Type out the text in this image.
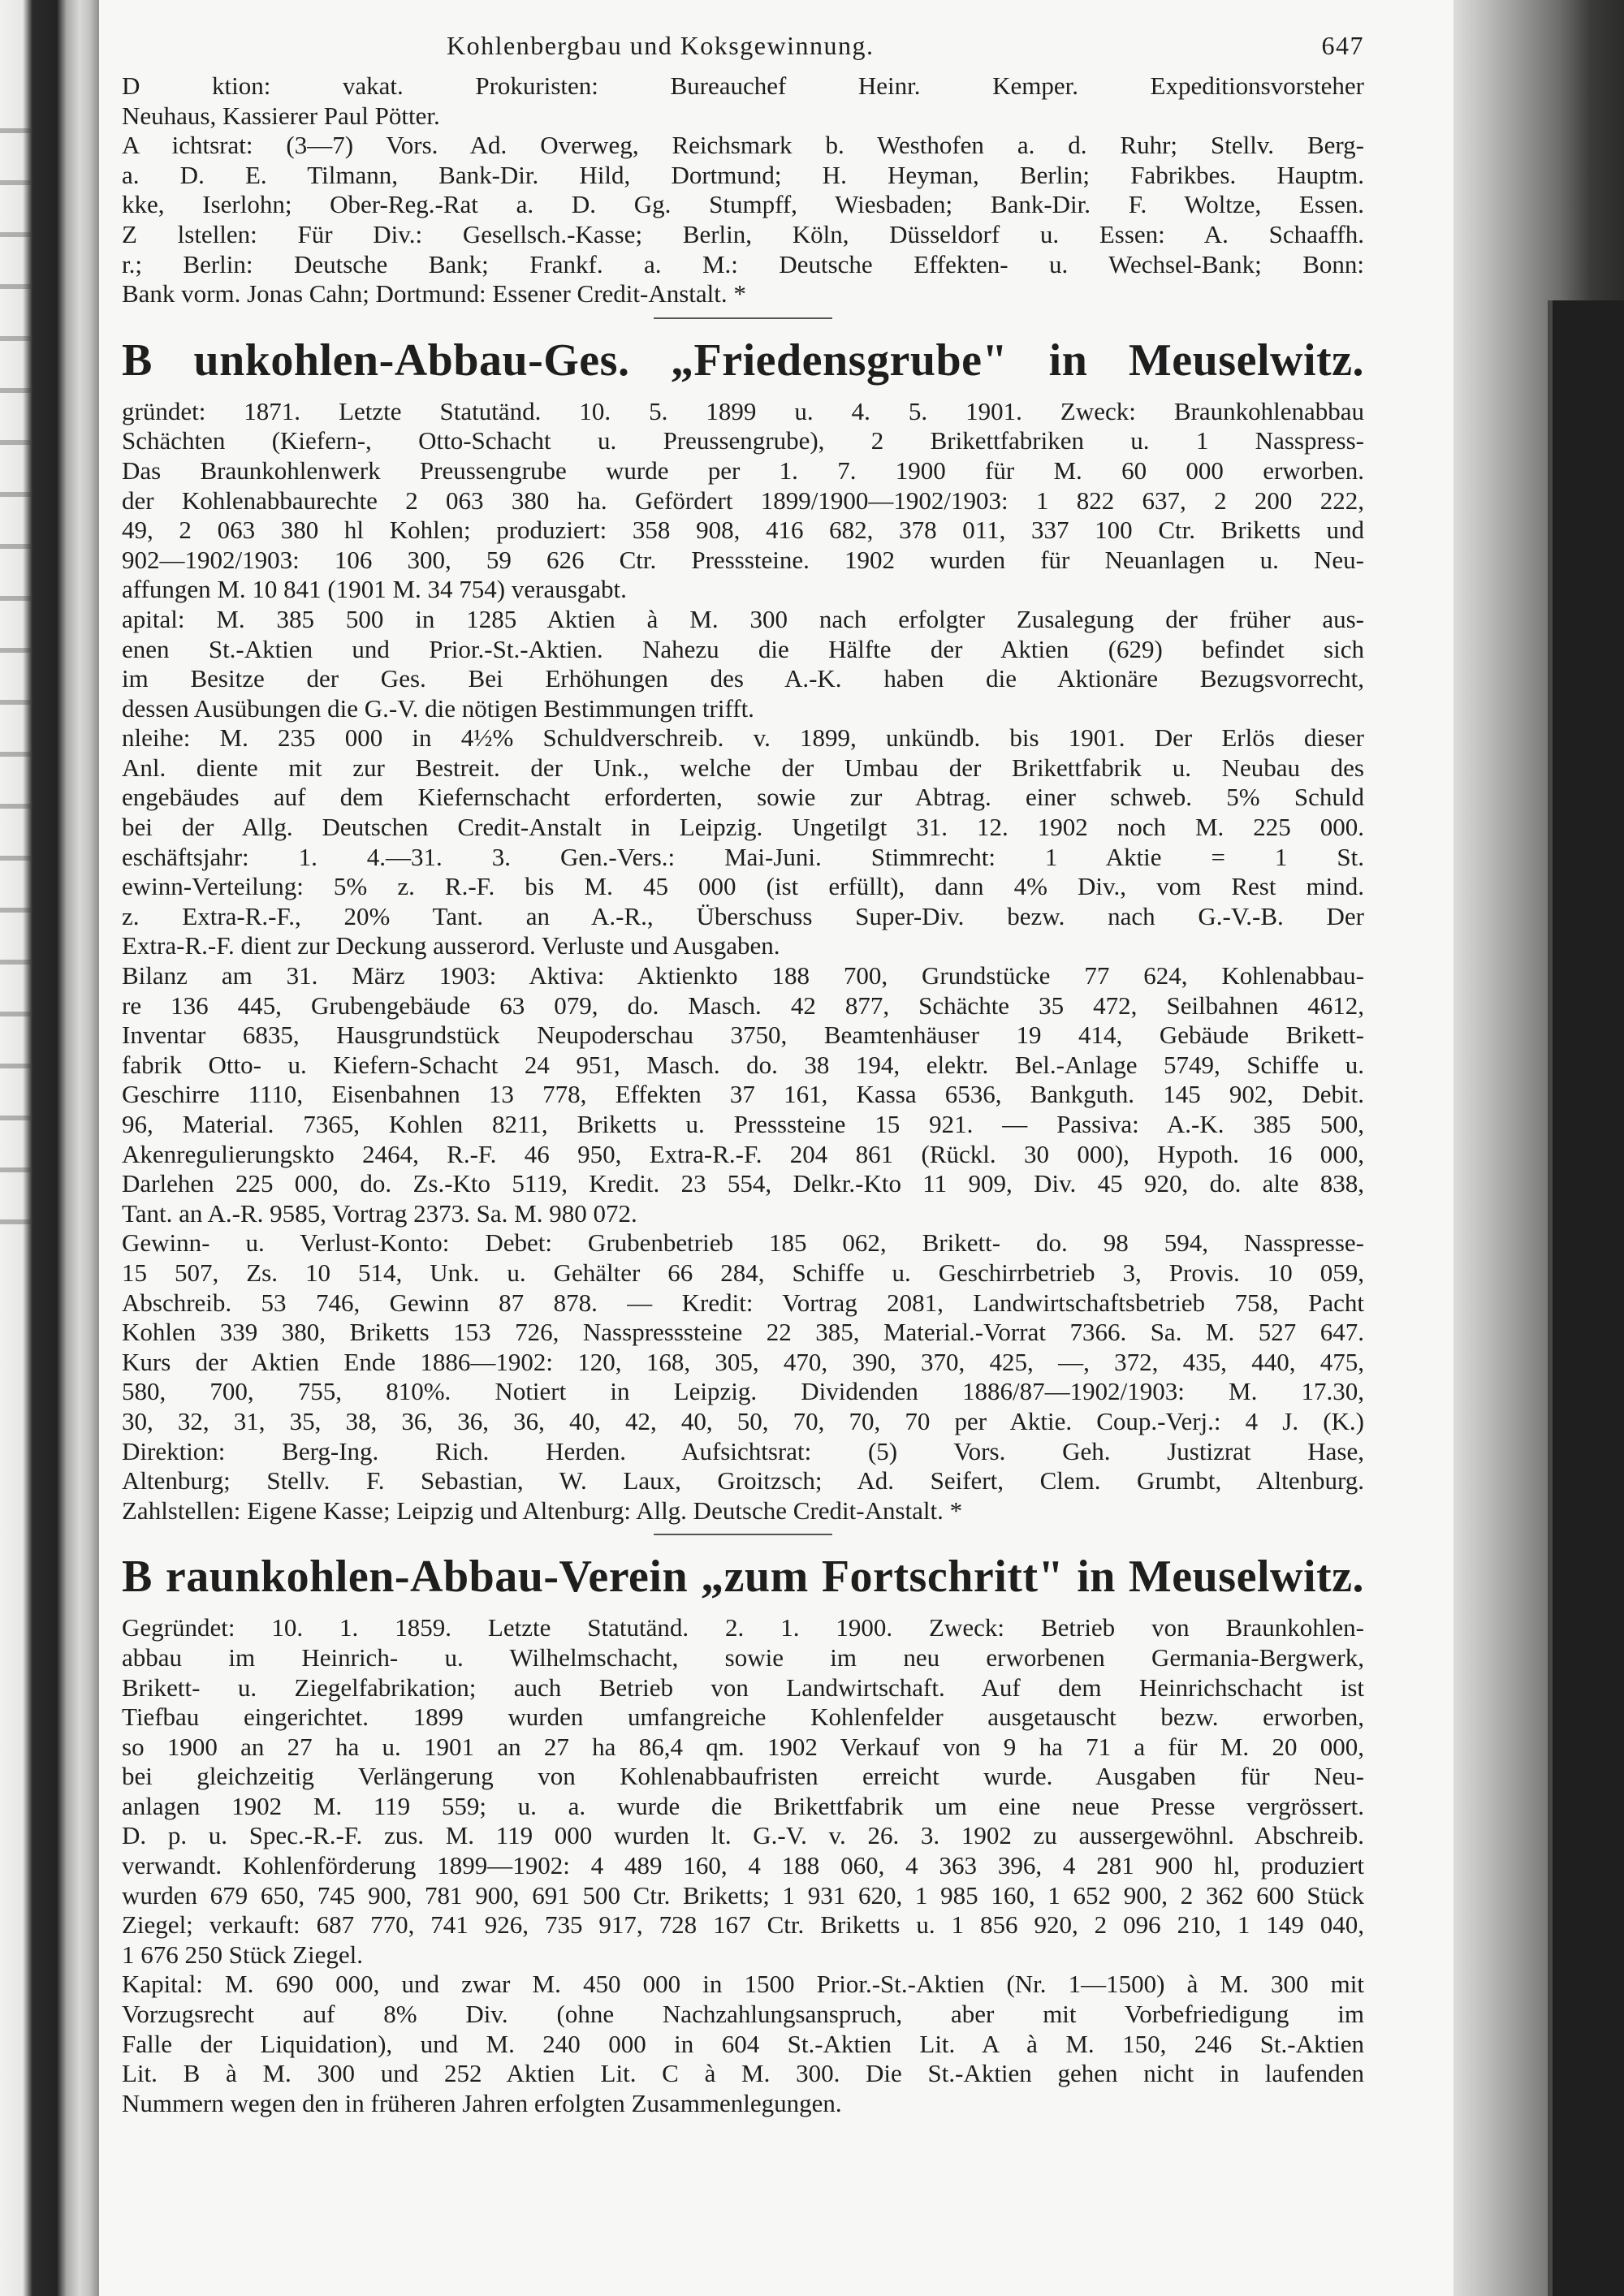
Kohlenbergbau und Koksgewinnung.	647

D ktion: vakat. Prokuristen: Bureauchef Heinr. Kemper. Expeditionsvorsteher

Neuhaus, Kassierer Paul Pötter.

A ichtsrat: (3—7) Vors. Ad. Overweg, Reichsmark b. Westhofen a. d. Ruhr; Stellv. Berg-

a. D. E. Tilmann, Bank-Dir. Hild, Dortmund; H. Heyman, Berlin; Fabrikbes. Hauptm.

kke, Iserlohn; Ober-Reg.-Rat a. D. Gg. Stumpff, Wiesbaden; Bank-Dir. F. Woltze, Essen.

Z lstellen: Für Div.: Gesellsch.-Kasse; Berlin, Köln, Düsseldorf u. Essen: A. Schaaffh.

r.; Berlin: Deutsche Bank; Frankf. a. M.: Deutsche Effekten- u. Wechsel-Bank; Bonn:

Bank vorm. Jonas Cahn; Dortmund: Essener Credit-Anstalt. *

B unkohlen-Abbau-Ges. „Friedensgrube" in Meuselwitz.

gründet: 1871. Letzte Statutänd. 10. 5. 1899 u. 4. 5. 1901. Zweck: Braunkohlenabbau

Schächten (Kiefern-, Otto-Schacht u. Preussengrube), 2 Brikettfabriken u. 1 Nasspress-

Das Braunkohlenwerk Preussengrube wurde per 1. 7. 1900 für M. 60 000 erworben.

der Kohlenabbaurechte 2 063 380 ha. Gefördert 1899/1900—1902/1903: 1 822 637, 2 200 222,

49, 2 063 380 hl Kohlen; produziert: 358 908, 416 682, 378 011, 337 100 Ctr. Briketts und

902—1902/1903: 106 300, 59 626 Ctr. Presssteine. 1902 wurden für Neuanlagen u. Neu-

affungen M. 10 841 (1901 M. 34 754) verausgabt.

apital: M. 385 500 in 1285 Aktien à M. 300 nach erfolgter Zusalegung der früher aus-

enen St.-Aktien und Prior.-St.-Aktien. Nahezu die Hälfte der Aktien (629) befindet sich

im Besitze der Ges. Bei Erhöhungen des A.-K. haben die Aktionäre Bezugsvorrecht,

dessen Ausübungen die G.-V. die nötigen Bestimmungen trifft.

nleihe: M. 235 000 in 4½% Schuldverschreib. v. 1899, unkündb. bis 1901. Der Erlös dieser

Anl. diente mit zur Bestreit. der Unk., welche der Umbau der Brikettfabrik u. Neubau des

engebäudes auf dem Kiefernschacht erforderten, sowie zur Abtrag. einer schweb. 5% Schuld

bei der Allg. Deutschen Credit-Anstalt in Leipzig. Ungetilgt 31. 12. 1902 noch M. 225 000.

eschäftsjahr: 1. 4.—31. 3. Gen.-Vers.: Mai-Juni. Stimmrecht: 1 Aktie = 1 St.

ewinn-Verteilung: 5% z. R.-F. bis M. 45 000 (ist erfüllt), dann 4% Div., vom Rest mind.

z. Extra-R.-F., 20% Tant. an A.-R., Überschuss Super-Div. bezw. nach G.-V.-B. Der

Extra-R.-F. dient zur Deckung ausserord. Verluste und Ausgaben.

Bilanz am 31. März 1903: Aktiva: Aktienkto 188 700, Grundstücke 77 624, Kohlenabbau-

re 136 445, Grubengebäude 63 079, do. Masch. 42 877, Schächte 35 472, Seilbahnen 4612,

Inventar 6835, Hausgrundstück Neupoderschau 3750, Beamtenhäuser 19 414, Gebäude Brikett-

fabrik Otto- u. Kiefern-Schacht 24 951, Masch. do. 38 194, elektr. Bel.-Anlage 5749, Schiffe u.

Geschirre 1110, Eisenbahnen 13 778, Effekten 37 161, Kassa 6536, Bankguth. 145 902, Debit.

96, Material. 7365, Kohlen 8211, Briketts u. Presssteine 15 921. — Passiva: A.-K. 385 500,

Akenregulierungskto 2464, R.-F. 46 950, Extra-R.-F. 204 861 (Rückl. 30 000), Hypoth. 16 000,

Darlehen 225 000, do. Zs.-Kto 5119, Kredit. 23 554, Delkr.-Kto 11 909, Div. 45 920, do. alte 838,

Tant. an A.-R. 9585, Vortrag 2373. Sa. M. 980 072.

Gewinn- u. Verlust-Konto: Debet: Grubenbetrieb 185 062, Brikett- do. 98 594, Nasspresse-

15 507, Zs. 10 514, Unk. u. Gehälter 66 284, Schiffe u. Geschirrbetrieb 3, Provis. 10 059,

Abschreib. 53 746, Gewinn 87 878. — Kredit: Vortrag 2081, Landwirtschaftsbetrieb 758, Pacht

Kohlen 339 380, Briketts 153 726, Nasspresssteine 22 385, Material.-Vorrat 7366. Sa. M. 527 647.

Kurs der Aktien Ende 1886—1902: 120, 168, 305, 470, 390, 370, 425, —, 372, 435, 440, 475,

580, 700, 755, 810%. Notiert in Leipzig. Dividenden 1886/87—1902/1903: M. 17.30,

30, 32, 31, 35, 38, 36, 36, 36, 40, 42, 40, 50, 70, 70, 70 per Aktie. Coup.-Verj.: 4 J. (K.)

Direktion: Berg-Ing. Rich. Herden. Aufsichtsrat: (5) Vors. Geh. Justizrat Hase,

Altenburg; Stellv. F. Sebastian, W. Laux, Groitzsch; Ad. Seifert, Clem. Grumbt, Altenburg.

Zahlstellen: Eigene Kasse; Leipzig und Altenburg: Allg. Deutsche Credit-Anstalt. *

B raunkohlen-Abbau-Verein „zum Fortschritt" in Meuselwitz.

Gegründet: 10. 1. 1859. Letzte Statutänd. 2. 1. 1900. Zweck: Betrieb von Braunkohlen-

abbau im Heinrich- u. Wilhelmschacht, sowie im neu erworbenen Germania-Bergwerk,

Brikett- u. Ziegelfabrikation; auch Betrieb von Landwirtschaft. Auf dem Heinrichschacht ist

Tiefbau eingerichtet. 1899 wurden umfangreiche Kohlenfelder ausgetauscht bezw. erworben,

so 1900 an 27 ha u. 1901 an 27 ha 86,4 qm. 1902 Verkauf von 9 ha 71 a für M. 20 000,

bei gleichzeitig Verlängerung von Kohlenabbaufristen erreicht wurde. Ausgaben für Neu-

anlagen 1902 M. 119 559; u. a. wurde die Brikettfabrik um eine neue Presse vergrössert.

D. p. u. Spec.-R.-F. zus. M. 119 000 wurden lt. G.-V. v. 26. 3. 1902 zu aussergewöhnl. Abschreib.

verwandt. Kohlenförderung 1899—1902: 4 489 160, 4 188 060, 4 363 396, 4 281 900 hl, produziert

wurden 679 650, 745 900, 781 900, 691 500 Ctr. Briketts; 1 931 620, 1 985 160, 1 652 900, 2 362 600 Stück

Ziegel; verkauft: 687 770, 741 926, 735 917, 728 167 Ctr. Briketts u. 1 856 920, 2 096 210, 1 149 040,

1 676 250 Stück Ziegel.

Kapital: M. 690 000, und zwar M. 450 000 in 1500 Prior.-St.-Aktien (Nr. 1—1500) à M. 300 mit

Vorzugsrecht auf 8% Div. (ohne Nachzahlungsanspruch, aber mit Vorbefriedigung im

Falle der Liquidation), und M. 240 000 in 604 St.-Aktien Lit. A à M. 150, 246 St.-Aktien

Lit. B à M. 300 und 252 Aktien Lit. C à M. 300. Die St.-Aktien gehen nicht in laufenden

Nummern wegen den in früheren Jahren erfolgten Zusammenlegungen.
